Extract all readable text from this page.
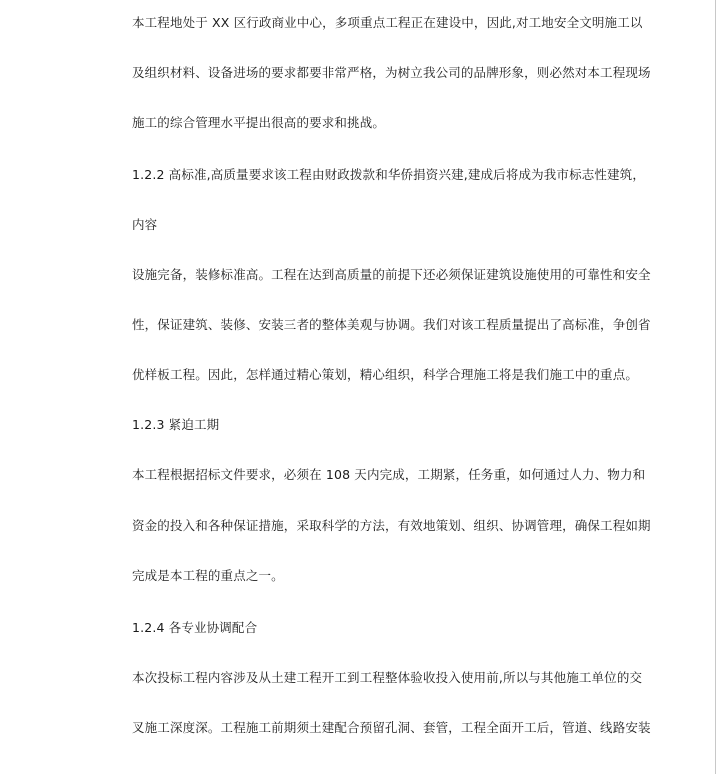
本工程地处于 XX 区行政商业中心，多项重点工程正在建设中，因此,对工地安全文明施工以

及组织材料、设备进场的要求都要非常严格，为树立我公司的品牌形象，则必然对本工程现场

施工的综合管理水平提出很高的要求和挑战。

1.2.2 高标准,高质量要求该工程由财政拨款和华侨捐资兴建,建成后将成为我市标志性建筑，

内容

设施完备，装修标准高。工程在达到高质量的前提下还必须保证建筑设施使用的可靠性和安全

性，保证建筑、装修、安装三者的整体美观与协调。我们对该工程质量提出了高标准，争创省

优样板工程。因此，怎样通过精心策划，精心组织，科学合理施工将是我们施工中的重点。

1.2.3 紧迫工期

本工程根据招标文件要求，必须在 108 天内完成，工期紧，任务重，如何通过人力、物力和

资金的投入和各种保证措施，采取科学的方法，有效地策划、组织、协调管理，确保工程如期

完成是本工程的重点之一。

1.2.4 各专业协调配合

本次投标工程内容涉及从土建工程开工到工程整体验收投入使用前,所以与其他施工单位的交

叉施工深度深。工程施工前期须土建配合预留孔洞、套管，工程全面开工后，管道、线路安装
